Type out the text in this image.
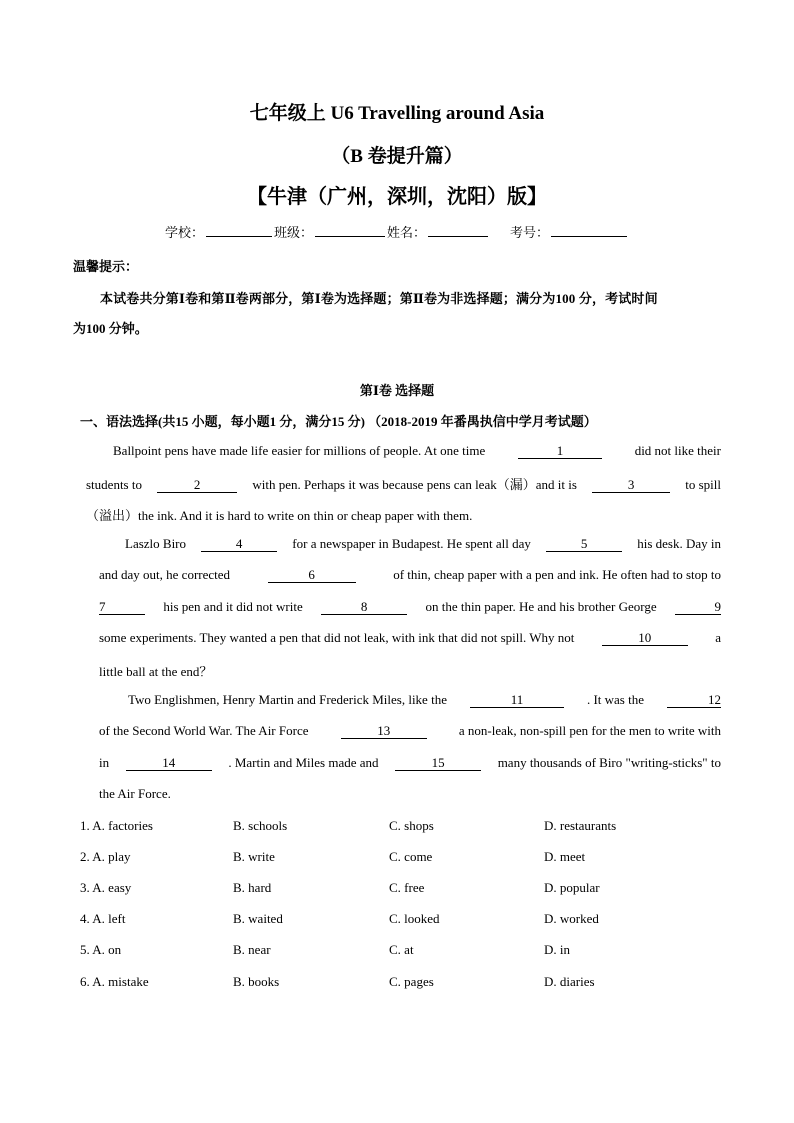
七年级上 U6 Travelling around Asia
（B 卷提升篇）
【牛津（广州，深圳，沈阳）版】
学校：	班级：	姓名：	考号：
温馨提示：
本试卷共分第Ⅰ卷和第Ⅱ卷两部分，第Ⅰ卷为选择题；第Ⅱ卷为非选择题；满分为100 分，考试时间
为100 分钟。
第Ⅰ卷 选择题
一、语法选择(共15 小题，每小题1 分，满分15 分) （2018-2019 年番禺执信中学月考试题）
Ballpoint pens have made life easier for millions of people. At one time	1	did not like their
students to	2	with pen. Perhaps it was because pens can leak（漏）and it is	3	to spill
（溢出）the ink. And it is hard to write on thin or cheap paper with them.
Laszlo Biro	4	for a newspaper in Budapest. He spent all day	5	his desk. Day in
and day out, he corrected	6	of thin, cheap paper with a pen and ink. He often had to stop to
7	his pen and it did not write	8	on the thin paper. He and his brother George	9
some experiments. They wanted a pen that did not leak, with ink that did not spill. Why not	10	a
little ball at the end？
Two Englishmen, Henry Martin and Frederick Miles, like the	11	. It was the	12
of the Second World War. The Air Force	13	a non-leak, non-spill pen for the men to write with
in	14	. Martin and Miles made and	15	many thousands of Biro "writing-sticks" to
the Air Force.
1. A. factories	B. schools	C. shops	D. restaurants
2. A. play	B. write	C. come	D. meet
3. A. easy	B. hard	C. free	D. popular
4. A. left	B. waited	C. looked	D. worked
5. A. on	B. near	C. at	D. in
6. A. mistake	B. books	C. pages	D. diaries
